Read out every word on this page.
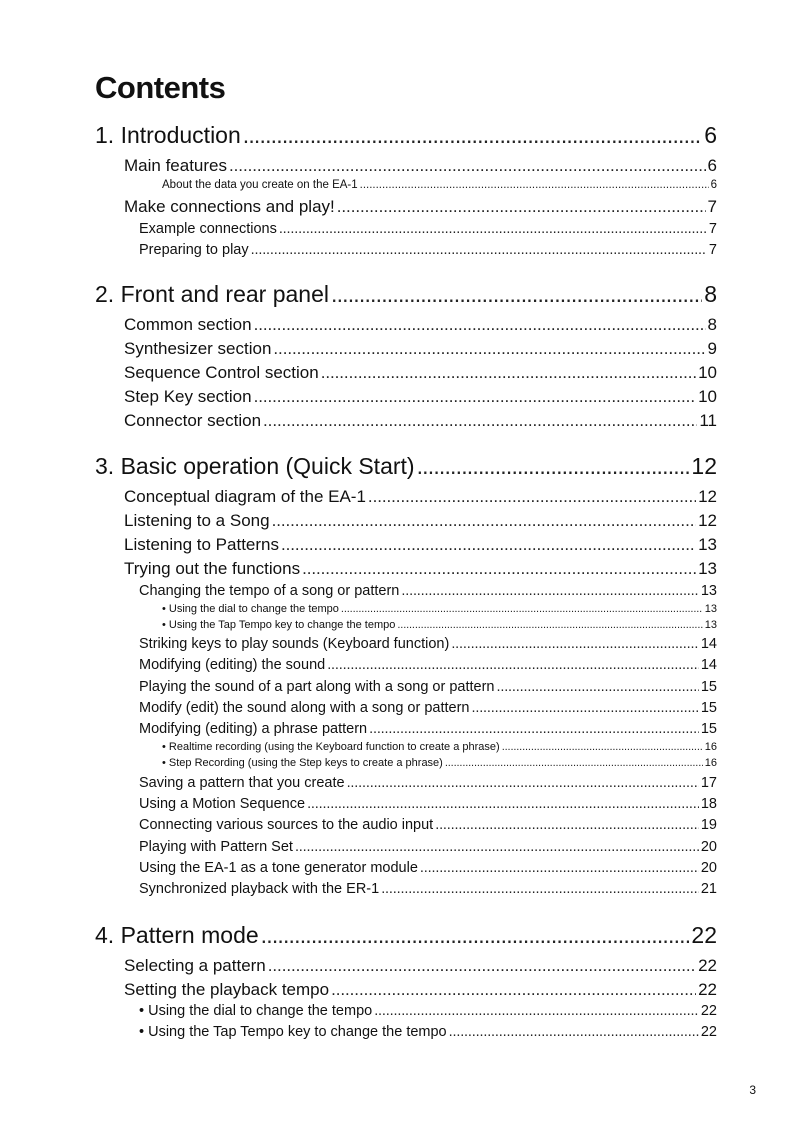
Contents
1. Introduction . . .	6
Main features . . .	6
About the data you create on the EA-1 . . .	6
Make connections and play! . . .	7
Example connections . . .	7
Preparing to play . . .	7
2. Front and rear panel . . .	8
Common section . . .	8
Synthesizer section . . .	9
Sequence Control section . . .	10
Step Key section . . .	10
Connector section . . .	11
3. Basic operation (Quick Start) . . .	12
Conceptual diagram of the EA-1 . . .	12
Listening to a Song . . .	12
Listening to Patterns . . .	13
Trying out the functions . . .	13
Changing the tempo of a song or pattern . . .	13
• Using the dial to change the tempo . . .	13
• Using the Tap Tempo key to change the tempo . . .	13
Striking keys to play sounds (Keyboard function) . . .	14
Modifying (editing) the sound . . .	14
Playing the sound of a part along with a song or pattern . . .	15
Modify (edit) the sound along with a song or pattern . . .	15
Modifying (editing) a phrase pattern . . .	15
• Realtime recording (using the Keyboard function to create a phrase) . . .	16
• Step Recording (using the Step keys to create a phrase) . . .	16
Saving a pattern that you create . . .	17
Using a Motion Sequence . . .	18
Connecting various sources to the audio input . . .	19
Playing with Pattern Set . . .	20
Using the EA-1 as a tone generator module . . .	20
Synchronized playback with the ER-1 . . .	21
4. Pattern mode . . .	22
Selecting a pattern . . .	22
Setting the playback tempo . . .	22
• Using the dial to change the tempo . . .	22
• Using the Tap Tempo key to change the tempo . . .	22
3
